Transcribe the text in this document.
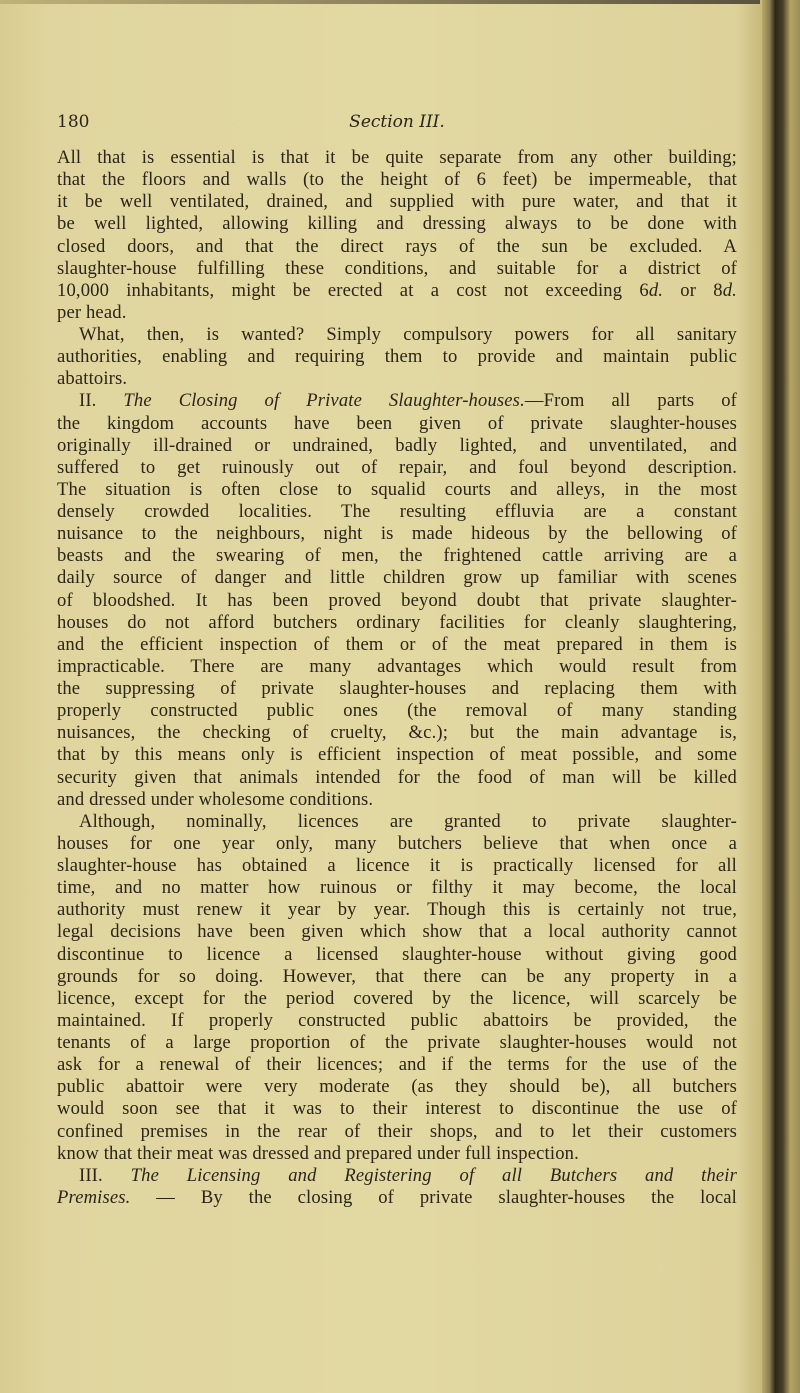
180	Section III.
All that is essential is that it be quite separate from any other building;
that the floors and walls (to the height of 6 feet) be impermeable, that
it be well ventilated, drained, and supplied with pure water, and that it
be well lighted, allowing killing and dressing always to be done with
closed doors, and that the direct rays of the sun be excluded. A
slaughter-house fulfilling these conditions, and suitable for a district of
10,000 inhabitants, might be erected at a cost not exceeding 6d. or 8d.
per head.
What, then, is wanted? Simply compulsory powers for all sanitary
authorities, enabling and requiring them to provide and maintain public
abattoirs.
II. The Closing of Private Slaughter-houses.—From all parts of
the kingdom accounts have been given of private slaughter-houses
originally ill-drained or undrained, badly lighted, and unventilated, and
suffered to get ruinously out of repair, and foul beyond description.
The situation is often close to squalid courts and alleys, in the most
densely crowded localities. The resulting effluvia are a constant
nuisance to the neighbours, night is made hideous by the bellowing of
beasts and the swearing of men, the frightened cattle arriving are a
daily source of danger and little children grow up familiar with scenes
of bloodshed. It has been proved beyond doubt that private slaughter-
houses do not afford butchers ordinary facilities for cleanly slaughtering,
and the efficient inspection of them or of the meat prepared in them is
impracticable. There are many advantages which would result from
the suppressing of private slaughter-houses and replacing them with
properly constructed public ones (the removal of many standing
nuisances, the checking of cruelty, &c.); but the main advantage is,
that by this means only is efficient inspection of meat possible, and some
security given that animals intended for the food of man will be killed
and dressed under wholesome conditions.
Although, nominally, licences are granted to private slaughter-
houses for one year only, many butchers believe that when once a
slaughter-house has obtained a licence it is practically licensed for all
time, and no matter how ruinous or filthy it may become, the local
authority must renew it year by year. Though this is certainly not true,
legal decisions have been given which show that a local authority cannot
discontinue to licence a licensed slaughter-house without giving good
grounds for so doing. However, that there can be any property in a
licence, except for the period covered by the licence, will scarcely be
maintained. If properly constructed public abattoirs be provided, the
tenants of a large proportion of the private slaughter-houses would not
ask for a renewal of their licences; and if the terms for the use of the
public abattoir were very moderate (as they should be), all butchers
would soon see that it was to their interest to discontinue the use of
confined premises in the rear of their shops, and to let their customers
know that their meat was dressed and prepared under full inspection.
III. The Licensing and Registering of all Butchers and their
Premises. — By the closing of private slaughter-houses the local
